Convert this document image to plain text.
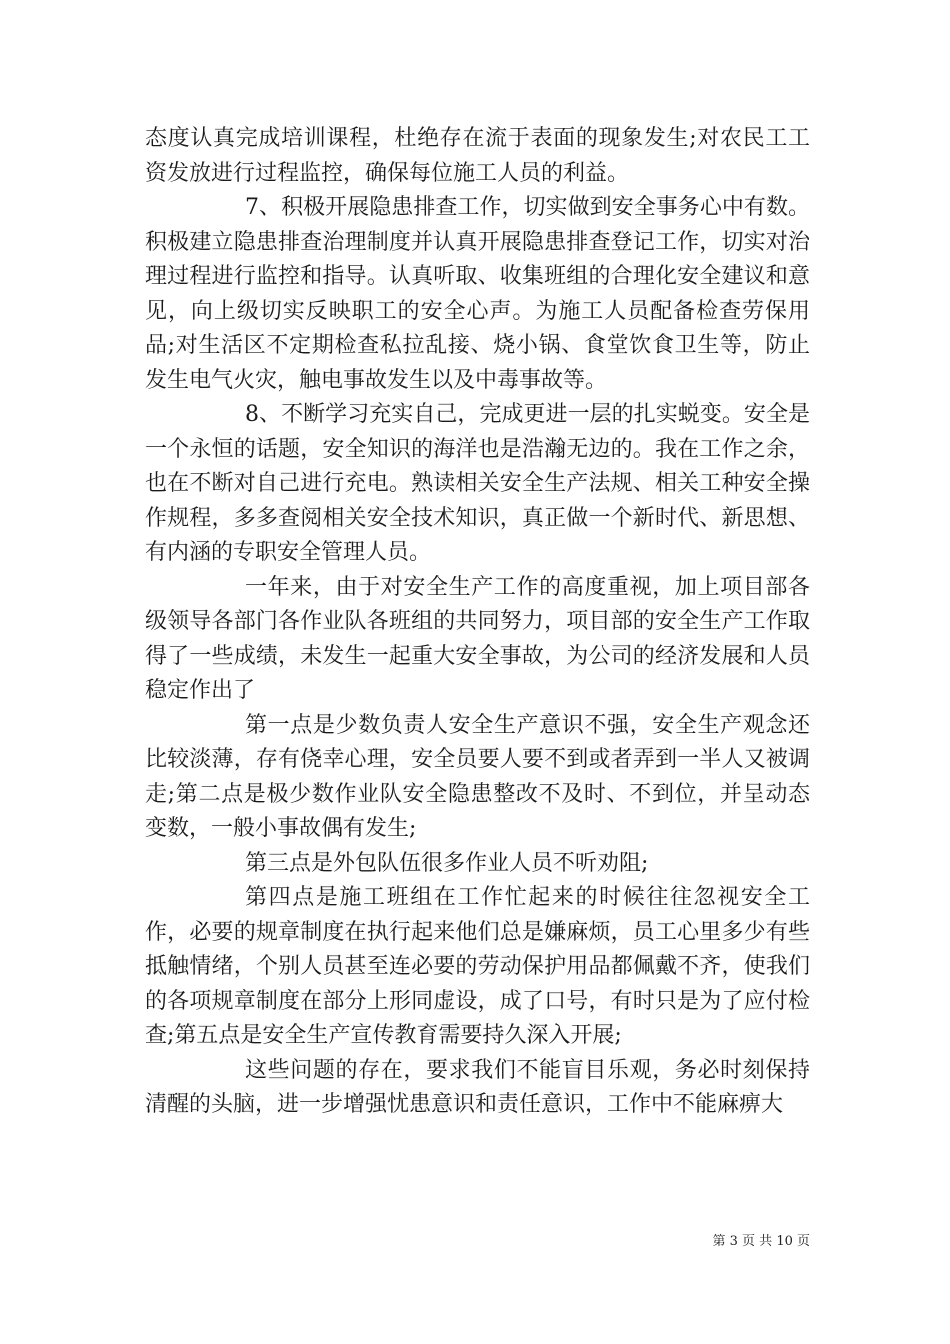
态度认真完成培训课程，杜绝存在流于表面的现象发生;对农民工工资发放进行过程监控，确保每位施工人员的利益。

7、积极开展隐患排查工作，切实做到安全事务心中有数。积极建立隐患排查治理制度并认真开展隐患排查登记工作，切实对治理过程进行监控和指导。认真听取、收集班组的合理化安全建议和意见，向上级切实反映职工的安全心声。为施工人员配备检查劳保用品;对生活区不定期检查私拉乱接、烧小锅、食堂饮食卫生等，防止发生电气火灾，触电事故发生以及中毒事故等。

8、不断学习充实自己，完成更进一层的扎实蜕变。安全是一个永恒的话题，安全知识的海洋也是浩瀚无边的。我在工作之余，也在不断对自己进行充电。熟读相关安全生产法规、相关工种安全操作规程，多多查阅相关安全技术知识，真正做一个新时代、新思想、有内涵的专职安全管理人员。

一年来，由于对安全生产工作的高度重视，加上项目部各级领导各部门各作业队各班组的共同努力，项目部的安全生产工作取得了一些成绩，未发生一起重大安全事故，为公司的经济发展和人员稳定作出了

第一点是少数负责人安全生产意识不强，安全生产观念还比较淡薄，存有侥幸心理，安全员要人要不到或者弄到一半人又被调走;第二点是极少数作业队安全隐患整改不及时、不到位，并呈动态变数，一般小事故偶有发生;

第三点是外包队伍很多作业人员不听劝阻;

第四点是施工班组在工作忙起来的时候往往忽视安全工作，必要的规章制度在执行起来他们总是嫌麻烦，员工心里多少有些抵触情绪，个别人员甚至连必要的劳动保护用品都佩戴不齐，使我们的各项规章制度在部分上形同虚设，成了口号，有时只是为了应付检查;第五点是安全生产宣传教育需要持久深入开展;

这些问题的存在，要求我们不能盲目乐观，务必时刻保持清醒的头脑，进一步增强忧患意识和责任意识，工作中不能麻痹大

第 3 页 共 10 页
